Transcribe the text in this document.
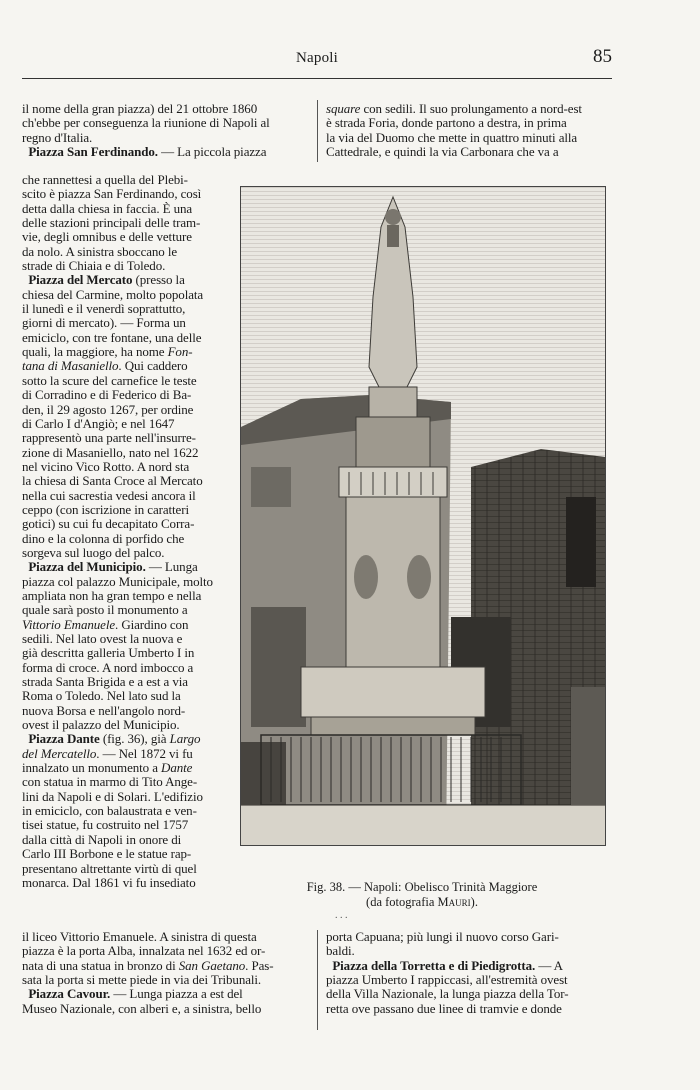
Napoli	85
il nome della gran piazza) del 21 ottobre 1860
ch'ebbe per conseguenza la riunione di Napoli al
regno d'Italia.
Piazza San Ferdinando. — La piccola piazza
square con sedili. Il suo prolungamento a nord-est
è strada Foria, donde partono a destra, in prima
la via del Duomo che mette in quattro minuti alla
Cattedrale, e quindi la via Carbonara che va a
che rannettesi a quella del Plebi-
scito è piazza San Ferdinando, così
detta dalla chiesa in faccia. È una
delle stazioni principali delle tram-
vie, degli omnibus e delle vetture
da nolo. A sinistra sboccano le
strade di Chiaia e di Toledo.
Piazza del Mercato (presso la
chiesa del Carmine, molto popolata
il lunedì e il venerdì soprattutto,
giorni di mercato). — Forma un
emiciclo, con tre fontane, una delle
quali, la maggiore, ha nome Fon-
tana di Masaniello. Qui caddero
sotto la scure del carnefice le teste
di Corradino e di Federico di Ba-
den, il 29 agosto 1267, per ordine
di Carlo I d'Angiò; e nel 1647
rappresentò una parte nell'insurre-
zione di Masaniello, nato nel 1622
nel vicino Vico Rotto. A nord sta
la chiesa di Santa Croce al Mercato
nella cui sacrestia vedesi ancora il
ceppo (con iscrizione in caratteri
gotici) su cui fu decapitato Corra-
dino e la colonna di porfido che
sorgeva sul luogo del palco.
Piazza del Municipio. — Lunga
piazza col palazzo Municipale, molto
ampliata non ha gran tempo e nella
quale sarà posto il monumento a
Vittorio Emanuele. Giardino con
sedili. Nel lato ovest la nuova e
già descritta galleria Umberto I in
forma di croce. A nord imbocco a
strada Santa Brigida e a est a via
Roma o Toledo. Nel lato sud la
nuova Borsa e nell'angolo nord-
ovest il palazzo del Municipio.
Piazza Dante (fig. 36), già Largo
del Mercatello. — Nel 1872 vi fu
innalzato un monumento a Dante
con statua in marmo di Tito Ange-
lini da Napoli e di Solari. L'edifizio
in emiciclo, con balaustrata e ven-
tisei statue, fu costruito nel 1757
dalla città di Napoli in onore di
Carlo III Borbone e le statue rap-
presentano altrettante virtù di quel
monarca. Dal 1861 vi fu insediato	Fig. 38. — Napoli: Obelisco Trinità Maggiore
(da fotografia Mauri).
. . .
il liceo Vittorio Emanuele. A sinistra di questa
piazza è la porta Alba, innalzata nel 1632 ed or-
nata di una statua in bronzo di San Gaetano. Pas-
sata la porta si mette piede in via dei Tribunali.
Piazza Cavour. — Lunga piazza a est del
Museo Nazionale, con alberi e, a sinistra, bello
porta Capuana; più lungi il nuovo corso Gari-
baldi.
Piazza della Torretta e di Piedigrotta. — A
piazza Umberto I rappiccasi, all'estremità ovest
della Villa Nazionale, la lunga piazza della Tor-
retta ove passano due linee di tramvie e donde
